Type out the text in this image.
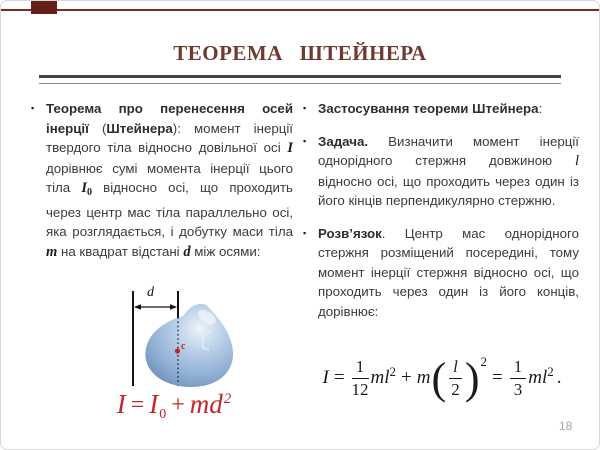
ТЕОРЕМА ШТЕЙНЕРА
▪ Теорема про перенесення осей інерції (Штейнера): момент інерції твердого тіла відносно довільної осі I дорівнює сумі момента інерції цього тіла $I_0$ відносно осі, що проходить через центр мас тіла параллельно осі, яка розглядається, і добутку маси тіла m на квадрат відстані d між осями:
d
c
I = I 0 + md 2
▪ Застосування теореми Штейнера:
▪ Задача. Визначити момент інерції однорідного стержня довжиною l відносно осі, що проходить через один із його кінців перпендикулярно стержню.
▪ Розв’язок. Центр мас однорідного стержня розміщений посередині, тому момент інерції стержня відносно осі, що проходить через один із його конців, дорівнює:
$I = \frac{1}{12}$ ml 2 + m ( $\frac{l}{2}$ ) 2
= $\frac{1}{3}$ ml 2 .
18
